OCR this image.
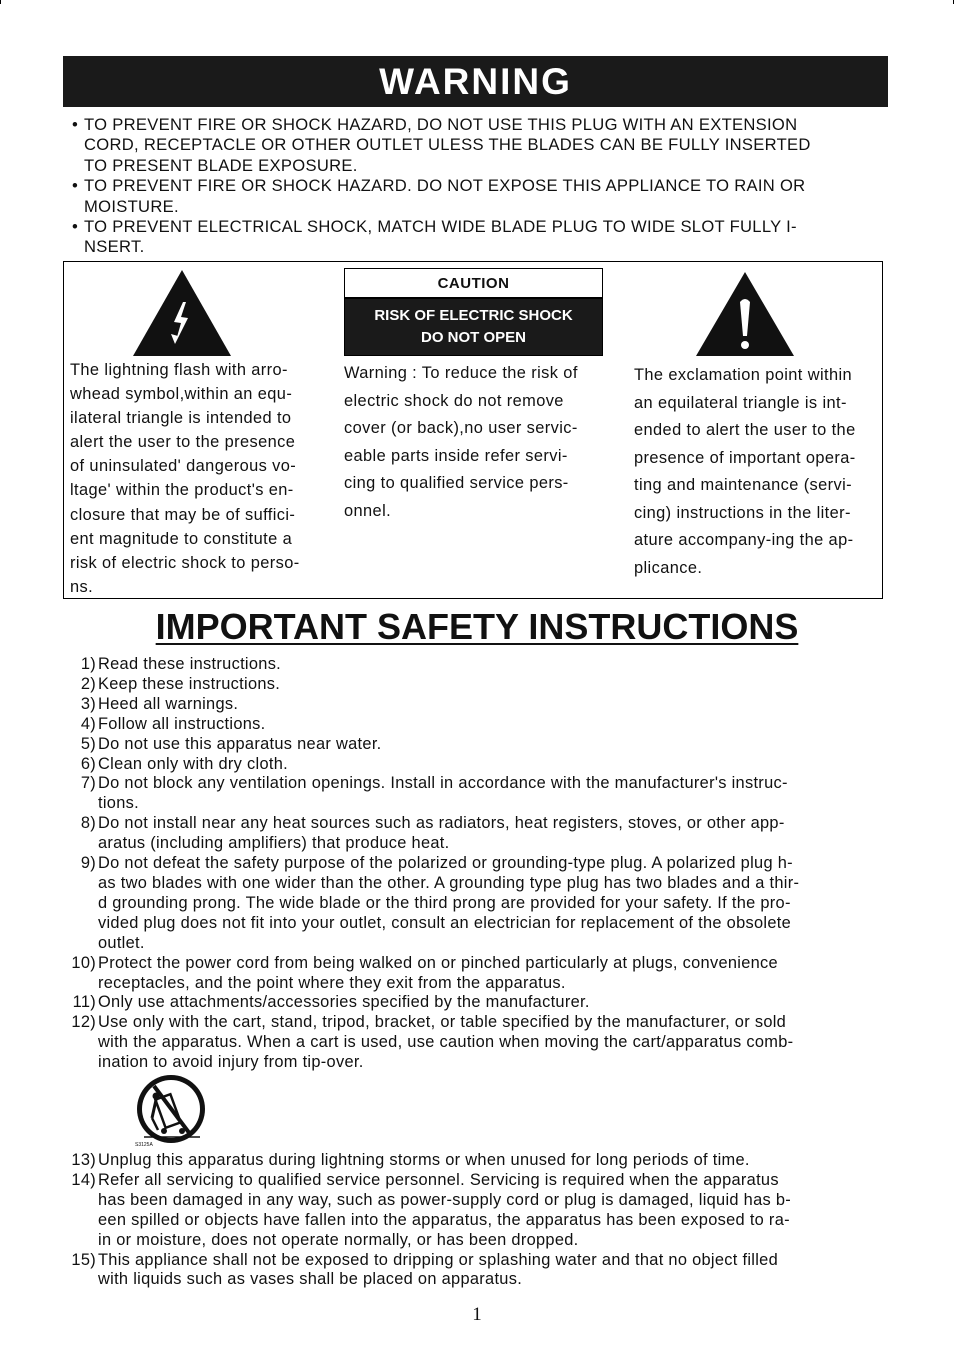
WARNING
• TO PREVENT FIRE OR SHOCK HAZARD, DO NOT USE THIS PLUG WITH AN EXTENSION
CORD, RECEPTACLE OR OTHER OUTLET ULESS THE BLADES CAN BE FULLY INSERTED
TO PRESENT BLADE EXPOSURE.
• TO PREVENT FIRE OR SHOCK HAZARD. DO NOT EXPOSE THIS APPLIANCE TO RAIN OR
MOISTURE.
• TO PREVENT ELECTRICAL SHOCK, MATCH WIDE BLADE PLUG TO WIDE SLOT FULLY I-
NSERT.
CAUTION
RISK OF ELECTRIC SHOCK
DO NOT OPEN

The lightning flash with arro-
whead symbol,within an equ-
ilateral triangle is intended to
alert the user to the presence
of uninsulated' dangerous vo-
ltage' within the product's en-
closure that may be of suffici-
ent magnitude to constitute a
risk of electric shock to perso-
ns.

Warning : To reduce the risk of
electric shock do not remove
cover (or back),no user servic-
eable parts inside refer servi-
cing to qualified service pers-
onnel.

The exclamation point within
an equilateral triangle is int-
ended to alert the user to the
presence of important opera-
ting and maintenance (servi-
cing) instructions in the liter-
ature accompany-ing the ap-
plicance.

IMPORTANT SAFETY INSTRUCTIONS
1) Read these instructions.
2) Keep these instructions.
3) Heed all warnings.
4) Follow all instructions.
5) Do not use this apparatus near water.
6) Clean only with dry cloth.
7) Do not block any ventilation openings. Install in accordance with the manufacturer's instruc-
tions.
8) Do not install near any heat sources such as radiators, heat registers, stoves, or other app-
aratus (including amplifiers) that produce heat.
9) Do not defeat the safety purpose of the polarized or grounding-type plug. A polarized plug h-
as two blades with one wider than the other. A grounding type plug has two blades and a thir-
d grounding prong. The wide blade or the third prong are provided for your safety. If the pro-
vided plug does not fit into your outlet, consult an electrician for replacement of the obsolete
outlet.
10) Protect the power cord from being walked on or pinched particularly at plugs, convenience
receptacles, and the point where they exit from the apparatus.
11) Only use attachments/accessories specified by the manufacturer.
12) Use only with the cart, stand, tripod, bracket, or table specified by the manufacturer, or sold
with the apparatus. When a cart is used, use caution when moving the cart/apparatus comb-
ination to avoid injury from tip-over.
S3125A
13) Unplug this apparatus during lightning storms or when unused for long periods of time.
14) Refer all servicing to qualified service personnel. Servicing is required when the apparatus
has been damaged in any way, such as power-supply cord or plug is damaged, liquid has b-
een spilled or objects have fallen into the apparatus, the apparatus has been exposed to ra-
in or moisture, does not operate normally, or has been dropped.
15) This appliance shall not be exposed to dripping or splashing water and that no object filled
with liquids such as vases shall be placed on apparatus.
1
